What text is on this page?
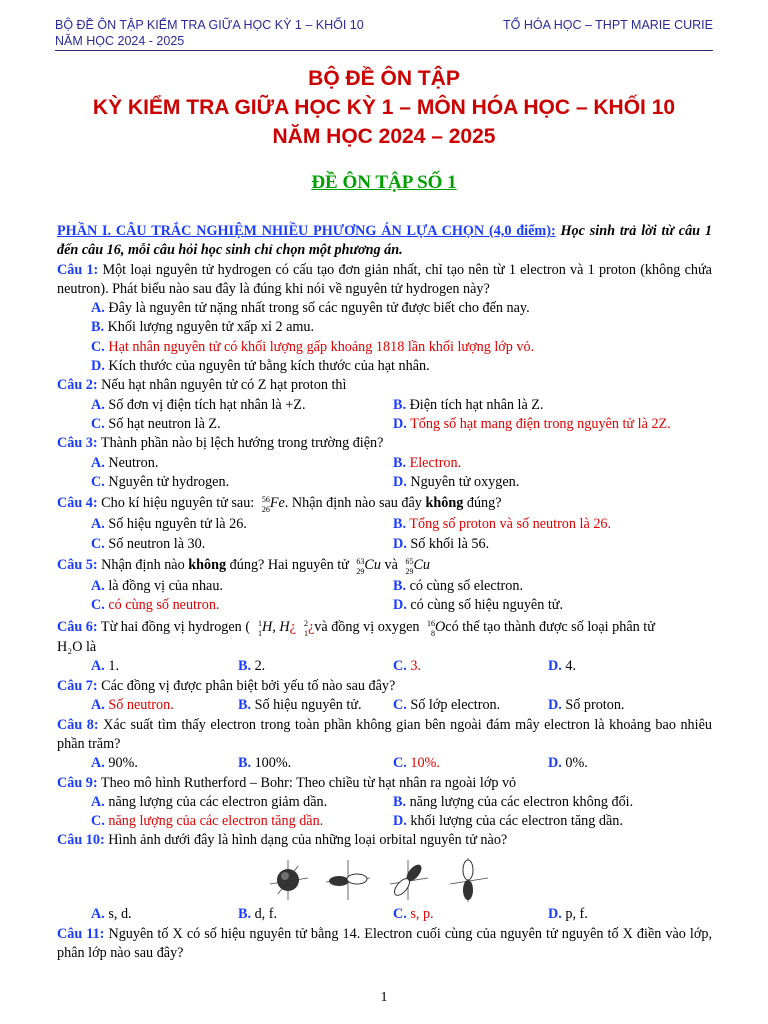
BỘ ĐỀ ÔN TẬP KIẾM TRA GIỮA HỌC KỲ 1 – KHỐI 10
NĂM HỌC 2024 - 2025
TỔ HÓA HỌC – THPT MARIE CURIE
BỘ ĐỀ ÔN TẬP
KỲ KIỂM TRA GIỮA HỌC KỲ 1 – MÔN HÓA HỌC – KHỐI 10
NĂM HỌC 2024 – 2025
ĐỀ ÔN TẬP SỐ 1
PHẦN I. CÂU TRẮC NGHIỆM NHIỀU PHƯƠNG ÁN LỰA CHỌN (4,0 điểm): Học sinh trả lời từ câu 1 đến câu 16, mỗi câu hỏi học sinh chỉ chọn một phương án.
Câu 1: Một loại nguyên tử hydrogen có cấu tạo đơn giản nhất, chỉ tạo nên từ 1 electron và 1 proton (không chứa neutron). Phát biểu nào sau đây là đúng khi nói về nguyên tử hydrogen này?
A. Đây là nguyên tử nặng nhất trong số các nguyên tử được biết cho đến nay.
B. Khối lượng nguyên tử xấp xỉ 2 amu.
C. Hạt nhân nguyên tử có khối lượng gấp khoảng 1818 lần khối lượng lớp vỏ.
D. Kích thước của nguyên tử bằng kích thước của hạt nhân.
Câu 2: Nếu hạt nhân nguyên tử có Z hạt proton thì
A. Số đơn vị điện tích hạt nhân là +Z.	B. Điện tích hạt nhân là Z.
C. Số hạt neutron là Z.	D. Tổng số hạt mang điện trong nguyên tử là 2Z.
Câu 3: Thành phần nào bị lệch hướng trong trường điện?
A. Neutron.	B. Electron.
C. Nguyên tử hydrogen.	D. Nguyên tử oxygen.
Câu 4: Cho kí hiệu nguyên tử sau: 56
26 Fe. Nhận định nào sau đây không đúng?
A. Số hiệu nguyên tử là 26.	B. Tổng số proton và số neutron là 26.
C. Số neutron là 30.	D. Số khối là 56.
Câu 5: Nhận định nào không đúng? Hai nguyên tử 63
29 Cu và 65
29 Cu
A. là đồng vị của nhau.	B. có cùng số electron.
C. có cùng số neutron.	D. có cùng số hiệu nguyên tử.
Câu 6: Từ hai đồng vị hydrogen ( 1
1 H, H¿ 2
1 ¿và đồng vị oxygen 16
8 Ocó thể tạo thành được số loại phân tử
H₂O là
A. 1.	B. 2.	C. 3.	D. 4.
Câu 7: Các đồng vị được phân biệt bởi yếu tố nào sau đây?
A. Số neutron.	B. Số hiệu nguyên tử. C. Số lớp electron.	D. Số proton.
Câu 8: Xác suất tìm thấy electron trong toàn phần không gian bên ngoài đám mây electron là khoảng bao nhiêu phần trăm?
A. 90%.	B. 100%.	C. 10%.	D. 0%.
Câu 9: Theo mô hình Rutherford – Bohr: Theo chiều từ hạt nhân ra ngoài lớp vỏ
A. năng lượng của các electron giảm dần.	B. năng lượng của các electron không đổi.
C. năng lượng của các electron tăng dần.	D. khối lượng của các electron tăng dần.
Câu 10: Hình ảnh dưới đây là hình dạng của những loại orbital nguyên tử nào?
A. s, d.	B. d, f.	C. s, p.	D. p, f.
Câu 11: Nguyên tố X có số hiệu nguyên tử bằng 14. Electron cuối cùng của nguyên tử nguyên tố X điền vào lớp, phân lớp nào sau đây?
1
